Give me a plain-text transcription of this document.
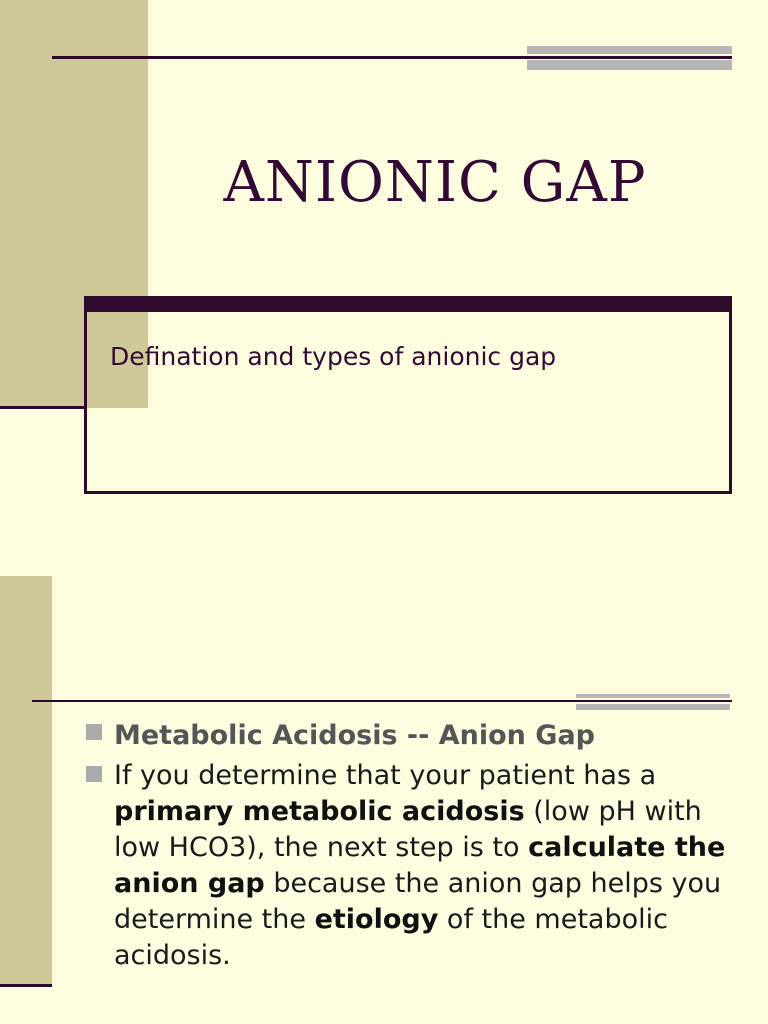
ANIONIC GAP
Defination and types of anionic gap
Metabolic Acidosis -- Anion Gap
If you determine that your patient has a primary metabolic acidosis (low pH with low HCO3), the next step is to calculate the anion gap because the anion gap helps you determine the etiology of the metabolic acidosis.
